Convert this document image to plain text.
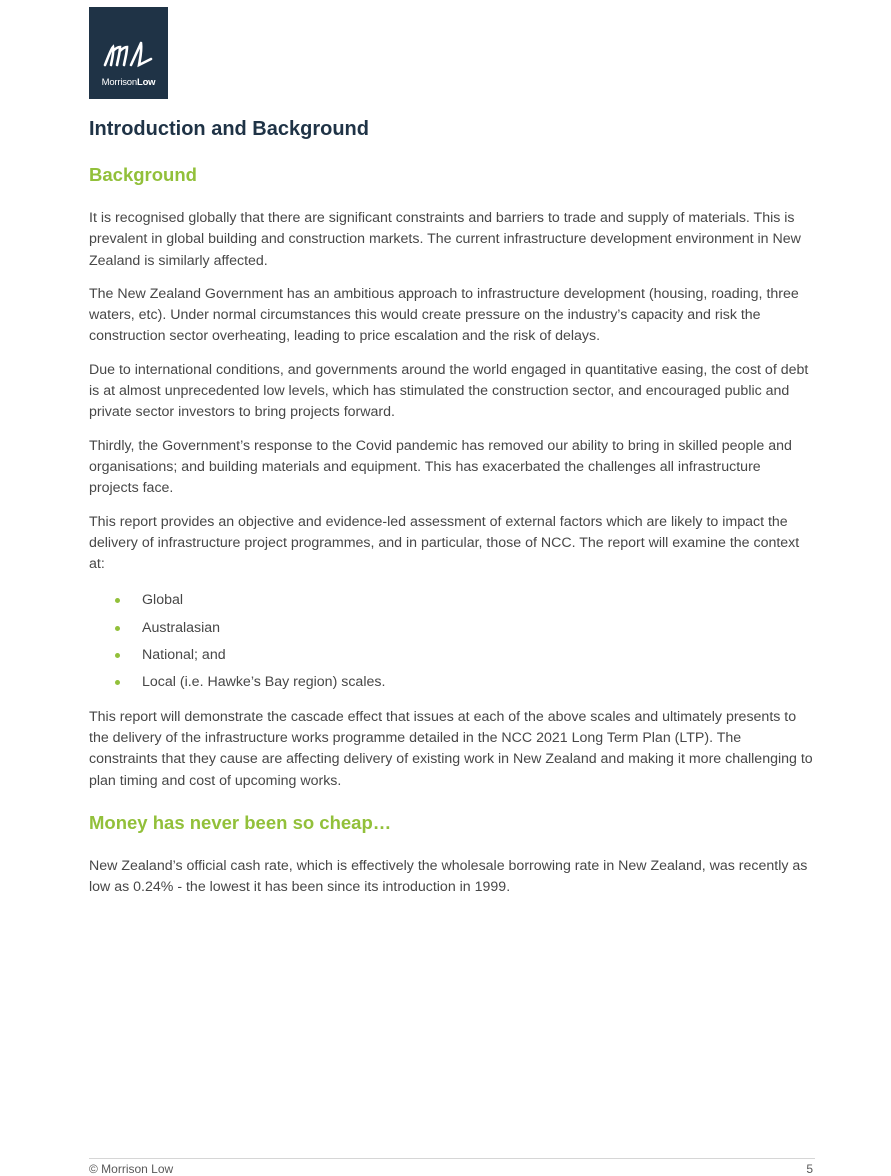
MorrisonLow
Introduction and Background
Background

It is recognised globally that there are significant constraints and barriers to trade and supply of materials. This is prevalent in global building and construction markets. The current infrastructure development environment in New Zealand is similarly affected.

The New Zealand Government has an ambitious approach to infrastructure development (housing, roading, three waters, etc). Under normal circumstances this would create pressure on the industry’s capacity and risk the construction sector overheating, leading to price escalation and the risk of delays.

Due to international conditions, and governments around the world engaged in quantitative easing, the cost of debt is at almost unprecedented low levels, which has stimulated the construction sector, and encouraged public and private sector investors to bring projects forward.

Thirdly, the Government’s response to the Covid pandemic has removed our ability to bring in skilled people and organisations; and building materials and equipment. This has exacerbated the challenges all infrastructure projects face.

This report provides an objective and evidence-led assessment of external factors which are likely to impact the delivery of infrastructure project programmes, and in particular, those of NCC. The report will examine the context at:

Global
Australasian
National; and
Local (i.e. Hawke’s Bay region) scales.

This report will demonstrate the cascade effect that issues at each of the above scales and ultimately presents to the delivery of the infrastructure works programme detailed in the NCC 2021 Long Term Plan (LTP). The constraints that they cause are affecting delivery of existing work in New Zealand and making it more challenging to plan timing and cost of upcoming works.

Money has never been so cheap…

New Zealand’s official cash rate, which is effectively the wholesale borrowing rate in New Zealand, was recently as low as 0.24% - the lowest it has been since its introduction in 1999.

© Morrison Low	5
